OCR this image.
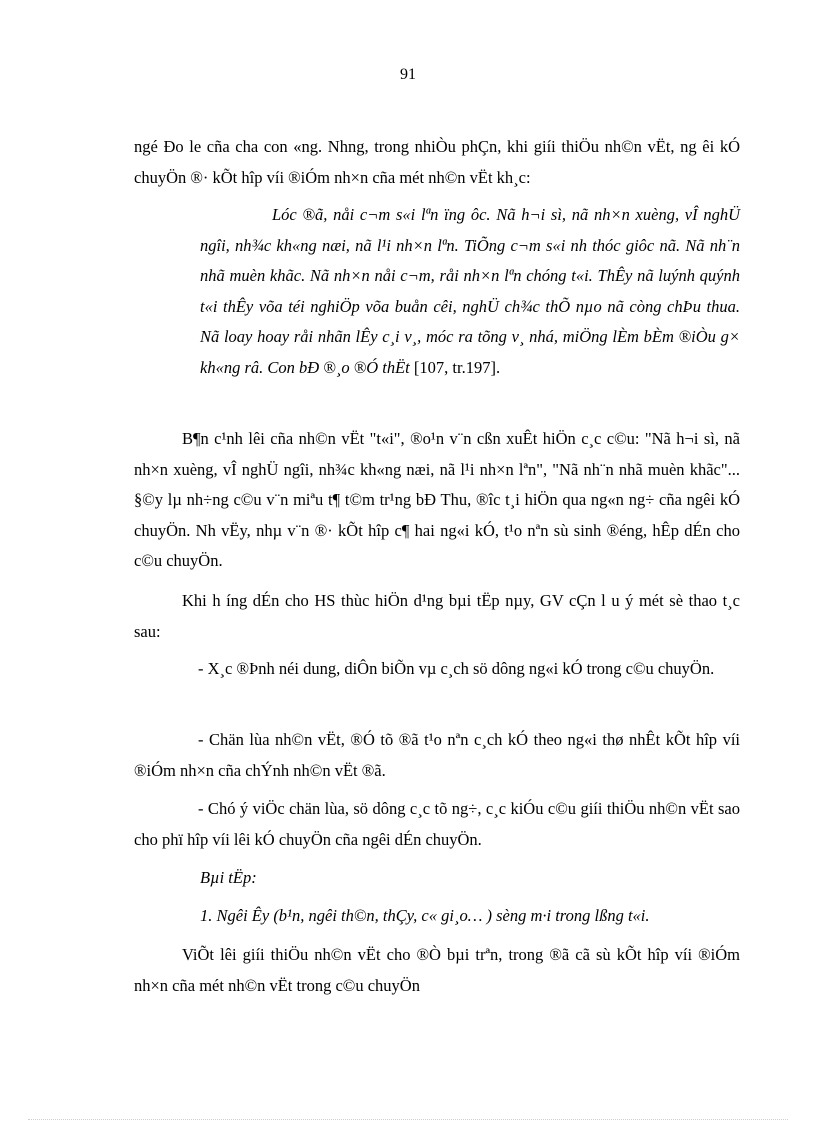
91
ngé Đo le cña cha con «ng. Nhng, trong nhiÒu phÇn, khi giíi thiÖu nh©n vËt, ng êi kÓ chuyÖn ®· kÕt hîp víi ®iÓm nh×n cña mét nh©n vËt kh¸c:
Lóc ®ã, nåi c¬m s«i lªn ïng ôc. Nã h¬i sì, nã nh×n xuèng, vÎ nghÜ ngîi, nh¾c kh«ng næi, nã l¹i nh×n lªn. TiÕng c¬m s«i nh thóc giôc nã. Nã nh¨n nhã muèn khãc. Nã nh×n nåi c¬m, råi nh×n lªn chóng t«i. ThÊy nã luýnh quýnh t«i thÊy võa téi nghiÖp võa buån cêi, nghÜ ch¾c thÕ nµo nã còng chÞu thua. Nã loay hoay råi nhãn lÊy c¸i v¸, móc ra tõng v¸ nhá, miÖng lÈm bÈm ®iÒu g× kh«ng râ. Con bÐ ®¸o ®Ó thËt [107, tr.197].
B¶n c¹nh lêi cña nh©n vËt "t«i", ®o¹n v¨n cßn xuÊt hiÖn c¸c c©u: "Nã h¬i sì, nã nh×n xuèng, vÎ nghÜ ngîi, nh¾c kh«ng næi, nã l¹i nh×n lªn", "Nã nh¨n nhã muèn khãc"... §©y lµ nh÷ng c©u v¨n miªu t¶ t©m tr¹ng bÐ Thu, ®îc t¸i hiÖn qua ng«n ng÷ cña ngêi kÓ chuyÖn. Nh vËy, nhµ v¨n ®· kÕt hîp c¶ hai ng«i kÓ, t¹o nªn sù sinh ®éng, hÊp dÉn cho c©u chuyÖn.
Khi h íng dÉn cho HS thùc hiÖn d¹ng bµi tËp nµy, GV cÇn l u ý mét sè thao t¸c sau:
- X¸c ®Þnh néi dung, diÔn biÕn vµ c¸ch sö dông ng«i kÓ trong c©u chuyÖn.
- Chän lùa nh©n vËt, ®Ó tõ ®ã t¹o nªn c¸ch kÓ theo ng«i thø nhÊt kÕt hîp víi ®iÓm nh×n cña chÝnh nh©n vËt ®ã.
- Chó ý viÖc chän lùa, sö dông c¸c tõ ng÷, c¸c kiÓu c©u giíi thiÖu nh©n vËt sao cho phï hîp víi lêi kÓ chuyÖn cña ngêi dÉn chuyÖn.
Bµi tËp:
1. Ngêi Êy (b¹n, ngêi th©n, thÇy, c« gi¸o… ) sèng m·i trong lßng t«i.
ViÕt lêi giíi thiÖu nh©n vËt cho ®Ò bµi trªn, trong ®ã cã sù kÕt hîp víi ®iÓm nh×n cña mét nh©n vËt trong c©u chuyÖn
